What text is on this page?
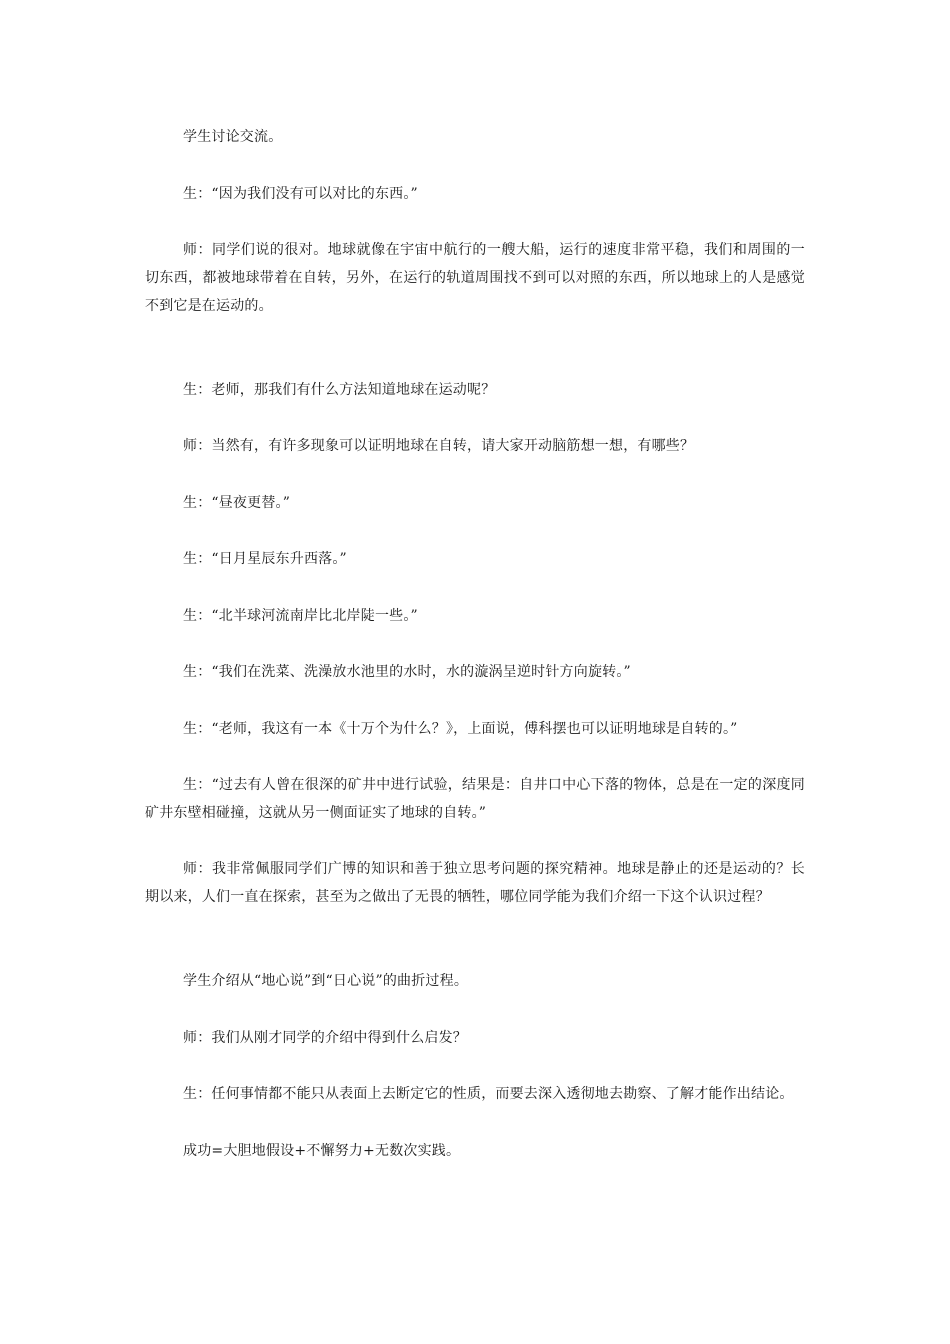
学生讨论交流。

生：“因为我们没有可以对比的东西。”

师：同学们说的很对。地球就像在宇宙中航行的一艘大船，运行的速度非常平稳，我们和周围的一切东西，都被地球带着在自转，另外，在运行的轨道周围找不到可以对照的东西，所以地球上的人是感觉不到它是在运动的。

生：老师，那我们有什么方法知道地球在运动呢？

师：当然有，有许多现象可以证明地球在自转，请大家开动脑筋想一想，有哪些？

生：“昼夜更替。”

生：“日月星辰东升西落。”

生：“北半球河流南岸比北岸陡一些。”

生：“我们在洗菜、洗澡放水池里的水时，水的漩涡呈逆时针方向旋转。”

生：“老师，我这有一本《十万个为什么？》，上面说，傅科摆也可以证明地球是自转的。”

生：“过去有人曾在很深的矿井中进行试验，结果是：自井口中心下落的物体，总是在一定的深度同矿井东壁相碰撞，这就从另一侧面证实了地球的自转。”

师：我非常佩服同学们广博的知识和善于独立思考问题的探究精神。地球是静止的还是运动的？长期以来，人们一直在探索，甚至为之做出了无畏的牺牲，哪位同学能为我们介绍一下这个认识过程？

学生介绍从“地心说”到“日心说”的曲折过程。

师：我们从刚才同学的介绍中得到什么启发？

生：任何事情都不能只从表面上去断定它的性质，而要去深入透彻地去勘察、了解才能作出结论。

成功=大胆地假设+不懈努力+无数次实践。
